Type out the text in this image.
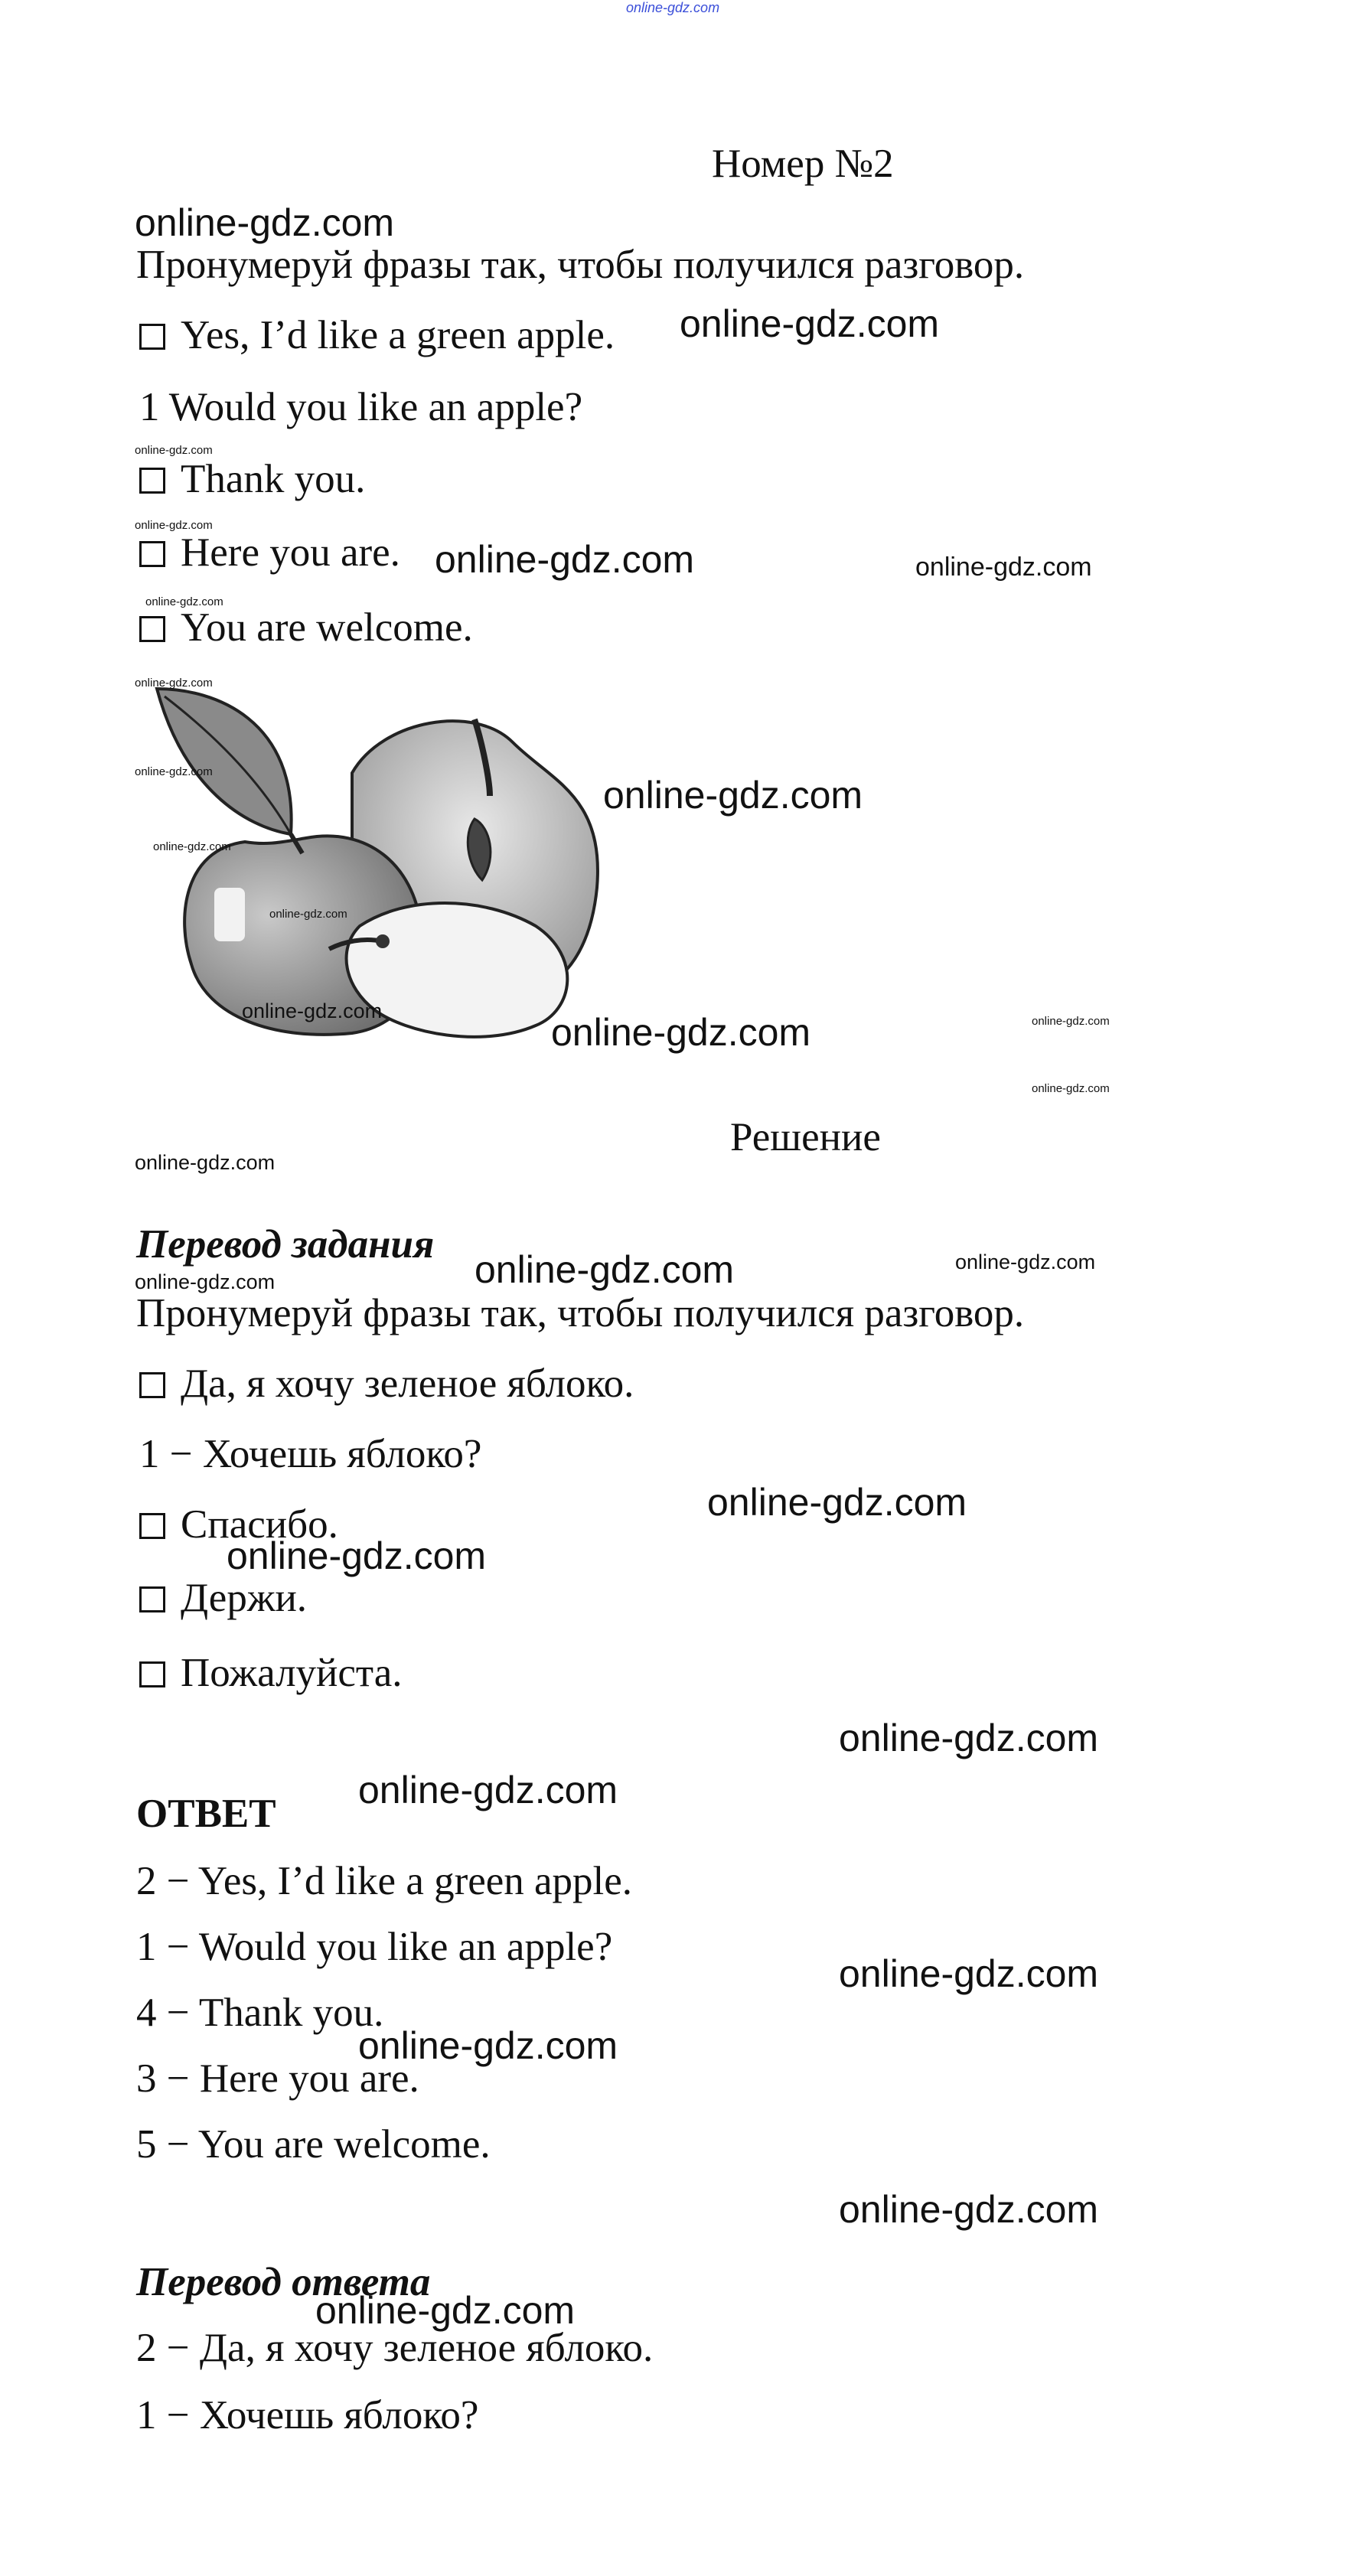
online-gdz.com
Номер №2
online-gdz.com
Пронумеруй фразы так, чтобы получился разговор.
Yes, I’d like a green apple. online-gdz.com
1 Would you like an apple?
online-gdz.com
Thank you.
online-gdz.com
Here you are. online-gdz.com	online-gdz.com
online-gdz.com
You are welcome.
online-gdz.com
online-gdz.com
online-gdz.com
online-gdz.com
online-gdz.com
online-gdz.com	online-gdz.com	online-gdz.com
online-gdz.com
Решение
online-gdz.com
Перевод задания
online-gdz.com	online-gdz.com
online-gdz.com
Пронумеруй фразы так, чтобы получился разговор.
Да, я хочу зеленое яблоко.
1 − Хочешь яблоко?
Спасибо.	online-gdz.com
online-gdz.com
Держи.
Пожалуйста.
online-gdz.com
online-gdz.com
ОТВЕТ
2 − Yes, I’d like a green apple.
1 − Would you like an apple?
online-gdz.com
4 − Thank you.
online-gdz.com
3 − Here you are.
5 − You are welcome.
online-gdz.com
Перевод ответа
online-gdz.com
2 − Да, я хочу зеленое яблоко.
1 − Хочешь яблоко?
